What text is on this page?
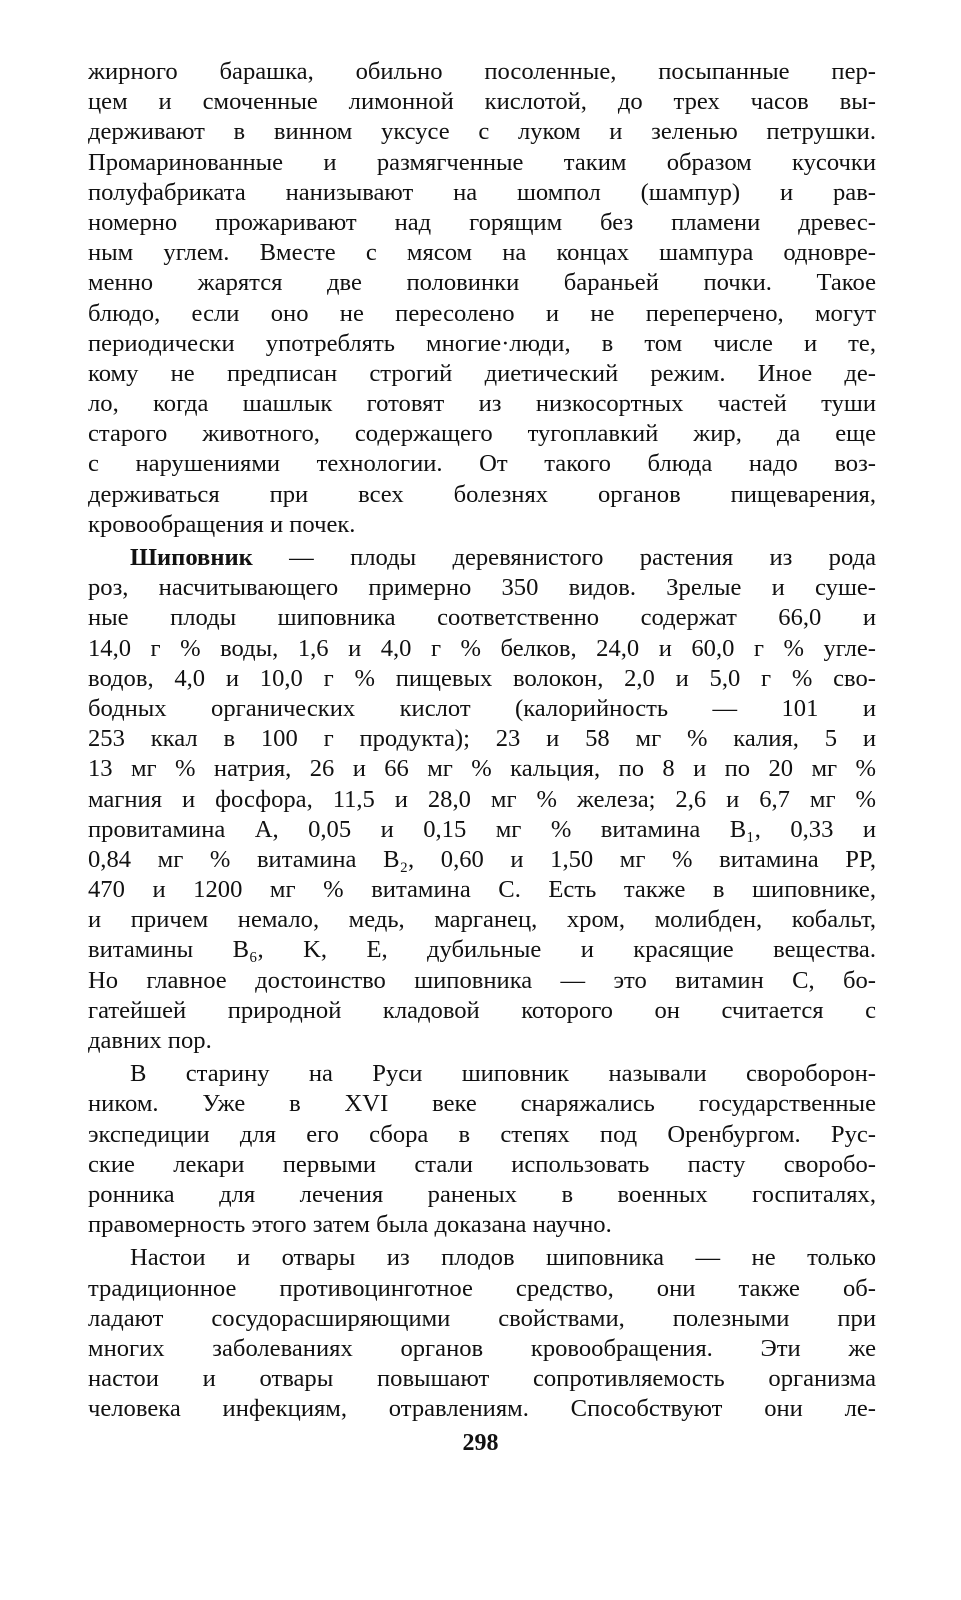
жирного барашка, обильно посоленные, посыпанные пер-
цем и смоченные лимонной кислотой, до трех часов вы-
держивают в винном уксусе с луком и зеленью петрушки.
Промаринованные и размягченные таким образом кусочки
полуфабриката нанизывают на шомпол (шампур) и рав-
номерно прожаривают над горящим без пламени древес-
ным углем. Вместе с мясом на концах шампура одновре-
менно жарятся две половинки бараньей почки. Такое
блюдо, если оно не пересолено и не переперчено, могут
периодически употреблять многие·люди, в том числе и те,
кому не предписан строгий диетический режим. Иное де-
ло, когда шашлык готовят из низкосортных частей туши
старого животного, содержащего тугоплавкий жир, да еще
с нарушениями технологии. От такого блюда надо воз-
держиваться при всех болезнях органов пищеварения,
кровообращения и почек.
Шиповник — плоды деревянистого растения из рода
роз, насчитывающего примерно 350 видов. Зрелые и суше-
ные плоды шиповника соответственно содержат 66,0 и
14,0 г % воды, 1,6 и 4,0 г % белков, 24,0 и 60,0 г % угле-
водов, 4,0 и 10,0 г % пищевых волокон, 2,0 и 5,0 г % сво-
бодных органических кислот (калорийность — 101 и
253 ккал в 100 г продукта); 23 и 58 мг % калия, 5 и
13 мг % натрия, 26 и 66 мг % кальция, по 8 и по 20 мг %
магния и фосфора, 11,5 и 28,0 мг % железа; 2,6 и 6,7 мг %
провитамина А, 0,05 и 0,15 мг % витамина B₁, 0,33 и
0,84 мг % витамина B₂, 0,60 и 1,50 мг % витамина PP,
470 и 1200 мг % витамина С. Есть также в шиповнике,
и причем немало, медь, марганец, хром, молибден, кобальт,
витамины B₆, K, E, дубильные и красящие вещества.
Но главное достоинство шиповника — это витамин С, бо-
гатейшей природной кладовой которого он считается с
давних пор.
В старину на Руси шиповник называли свороборон-
ником. Уже в XVI веке снаряжались государственные
экспедиции для его сбора в степях под Оренбургом. Рус-
ские лекари первыми стали использовать пасту своробо-
ронника для лечения раненых в военных госпиталях,
правомерность этого затем была доказана научно.
Настои и отвары из плодов шиповника — не только
традиционное противоцинготное средство, они также об-
ладают сосудорасширяющими свойствами, полезными при
многих заболеваниях органов кровообращения. Эти же
настои и отвары повышают сопротивляемость организма
человека инфекциям, отравлениям. Способствуют они ле-
298
